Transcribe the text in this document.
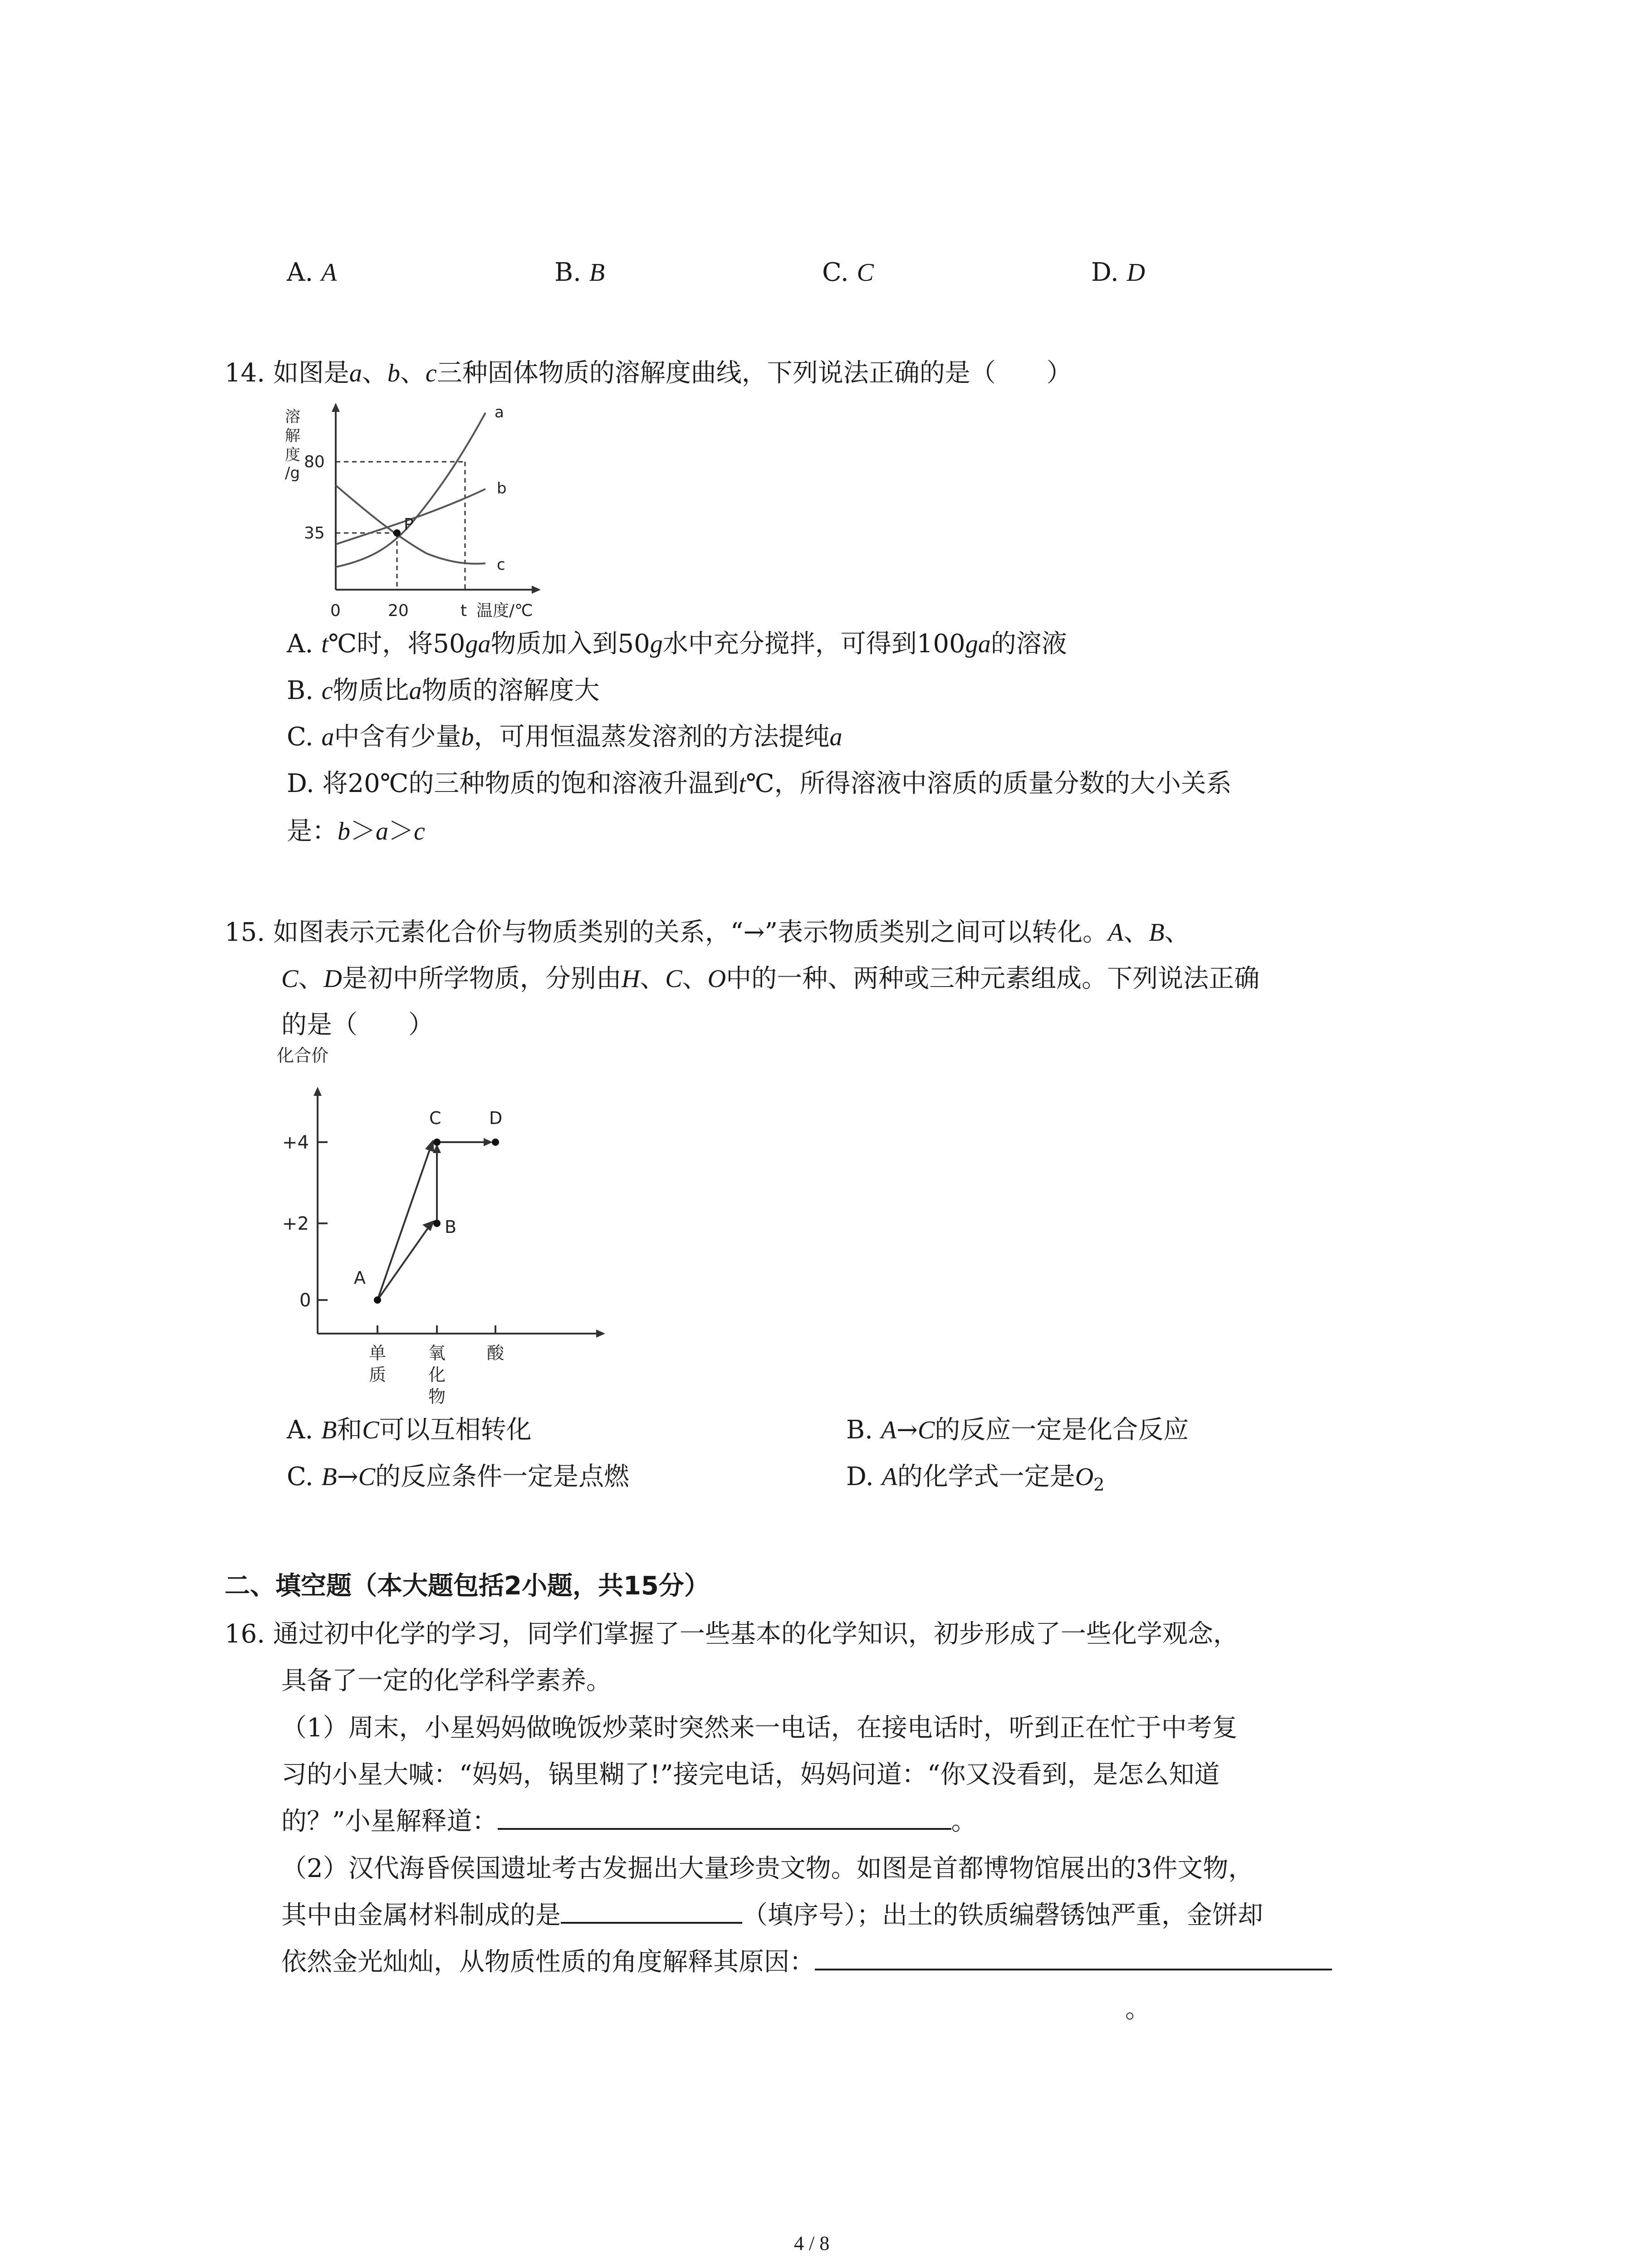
A. A	B. B	C. C	D. D
14. 如图是a、b、c三种固体物质的溶解度曲线，下列说法正确的是（　　）
溶
解
度
/g
80
35
0	20	t 温度/℃
a
b
c
P
A. t℃时，将50ga物质加入到50g水中充分搅拌，可得到100ga的溶液
B. c物质比a物质的溶解度大
C. a中含有少量b，可用恒温蒸发溶剂的方法提纯a
D. 将20℃的三种物质的饱和溶液升温到t℃，所得溶液中溶质的质量分数的大小关系
是：b＞a＞c
15. 如图表示元素化合价与物质类别的关系，“→”表示物质类别之间可以转化。A、B、
C、D是初中所学物质，分别由H、C、O中的一种、两种或三种元素组成。下列说法正确
的是（　　）
化合价
+4
+2
0
A
B
C	D
单
质
氧
化
物
酸
A. B和C可以互相转化	B. A→C的反应一定是化合反应
C. B→C的反应条件一定是点燃	D. A的化学式一定是$O_2$
二、填空题（本大题包括2小题，共15分）
16. 通过初中化学的学习，同学们掌握了一些基本的化学知识，初步形成了一些化学观念，
具备了一定的化学科学素养。
（1）周末，小星妈妈做晚饭炒菜时突然来一电话，在接电话时，听到正在忙于中考复
习的小星大喊：“妈妈，锅里糊了!”接完电话，妈妈问道：“你又没看到，是怎么知道
的？”小星解释道：	。
（2）汉代海昏侯国遗址考古发掘出大量珍贵文物。如图是首都博物馆展出的3件文物，
其中由金属材料制成的是	（填序号）；出土的铁质编磬锈蚀严重，金饼却
依然金光灿灿，从物质性质的角度解释其原因：
。
4 / 8
